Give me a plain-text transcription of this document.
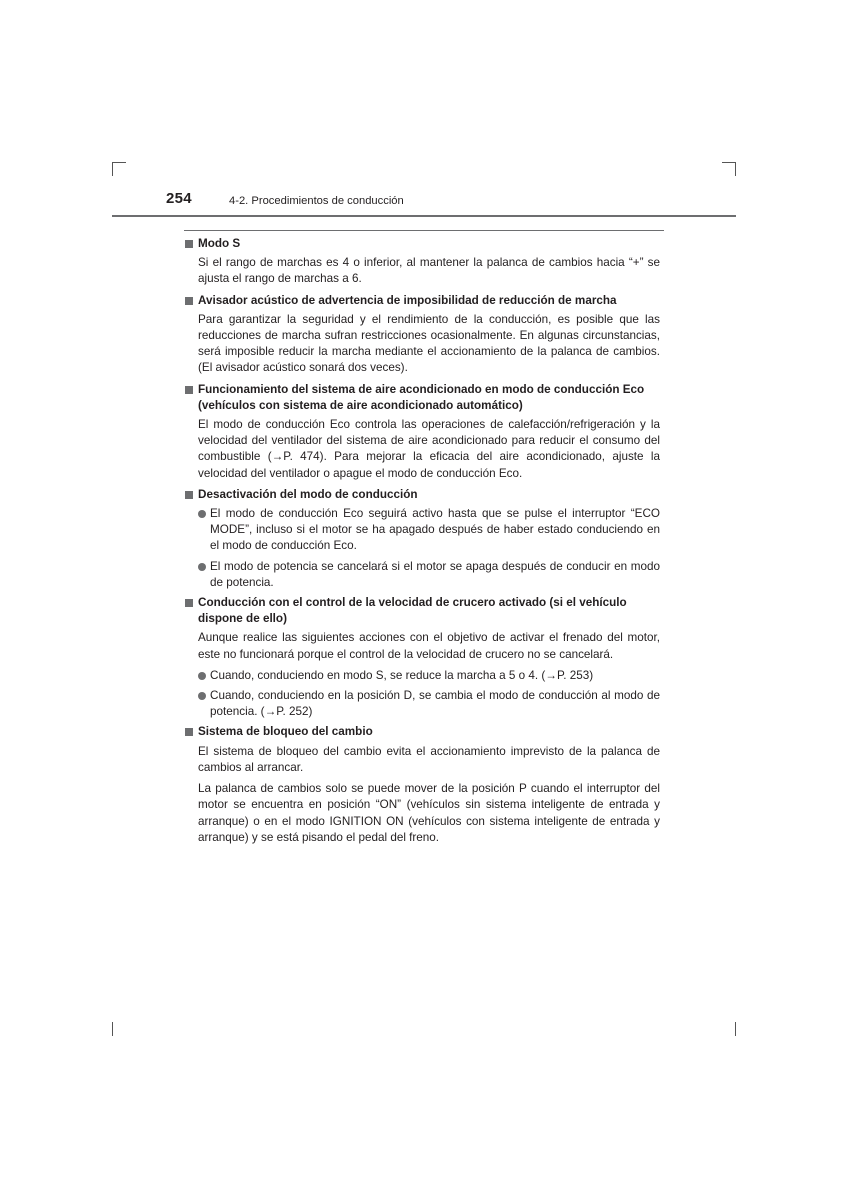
254	4-2. Procedimientos de conducción
Modo S
Si el rango de marchas es 4 o inferior, al mantener la palanca de cambios hacia “+” se ajusta el rango de marchas a 6.
Avisador acústico de advertencia de imposibilidad de reducción de marcha
Para garantizar la seguridad y el rendimiento de la conducción, es posible que las reducciones de marcha sufran restricciones ocasionalmente. En algunas circunstancias, será imposible reducir la marcha mediante el accionamiento de la palanca de cambios. (El avisador acústico sonará dos veces).
Funcionamiento del sistema de aire acondicionado en modo de conducción Eco (vehículos con sistema de aire acondicionado automático)
El modo de conducción Eco controla las operaciones de calefacción/refrigeración y la velocidad del ventilador del sistema de aire acondicionado para reducir el consumo del combustible (→P. 474). Para mejorar la eficacia del aire acondicionado, ajuste la velocidad del ventilador o apague el modo de conducción Eco.
Desactivación del modo de conducción
El modo de conducción Eco seguirá activo hasta que se pulse el interruptor “ECO MODE”, incluso si el motor se ha apagado después de haber estado conduciendo en el modo de conducción Eco.
El modo de potencia se cancelará si el motor se apaga después de conducir en modo de potencia.
Conducción con el control de la velocidad de crucero activado (si el vehículo dispone de ello)
Aunque realice las siguientes acciones con el objetivo de activar el frenado del motor, este no funcionará porque el control de la velocidad de crucero no se cancelará.
Cuando, conduciendo en modo S, se reduce la marcha a 5 o 4. (→P. 253)
Cuando, conduciendo en la posición D, se cambia el modo de conducción al modo de potencia. (→P. 252)
Sistema de bloqueo del cambio
El sistema de bloqueo del cambio evita el accionamiento imprevisto de la palanca de cambios al arrancar.
La palanca de cambios solo se puede mover de la posición P cuando el interruptor del motor se encuentra en posición “ON” (vehículos sin sistema inteligente de entrada y arranque) o en el modo IGNITION ON (vehículos con sistema inteligente de entrada y arranque) y se está pisando el pedal del freno.
